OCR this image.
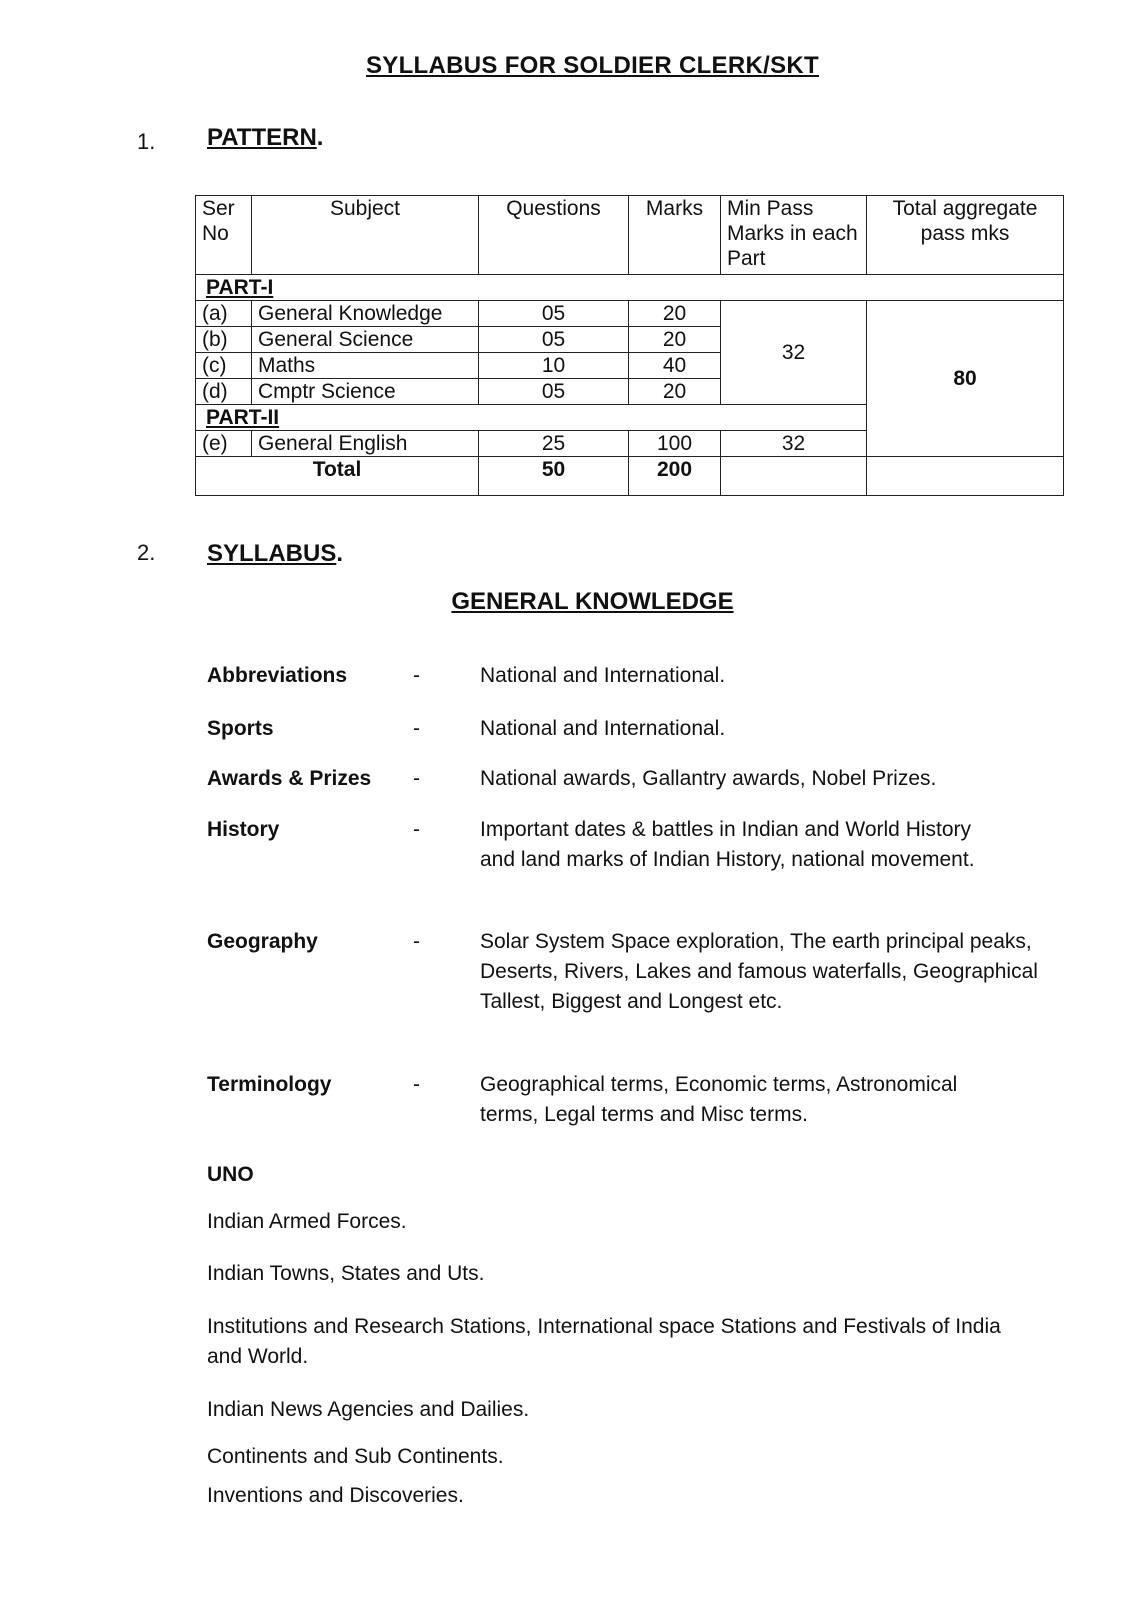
SYLLABUS FOR SOLDIER CLERK/SKT
1. PATTERN.
Ser No	Subject	Questions	Marks	Min Pass Marks in each Part	Total aggregate pass mks
PART-I					
(a)	General Knowledge	05	20	32	80
(b)	General Science	05	20		
(c)	Maths	10	40		
(d)	Cmptr Science	05	20		
PART-II					
(e)	General English	25	100	32	
Total		50	200		
2. SYLLABUS.
GENERAL KNOWLEDGE
Abbreviations	-	National and International.
Sports	-	National and International.
Awards & Prizes -	National awards, Gallantry awards, Nobel Prizes.
History	-	Important dates & battles in Indian and World History and land marks of Indian History, national movement.
Geography	-	Solar System Space exploration, The earth principal peaks, Deserts, Rivers, Lakes and famous waterfalls, Geographical Tallest, Biggest and Longest etc.
Terminology	-	Geographical terms, Economic terms, Astronomical terms, Legal terms and Misc terms.
UNO
Indian Armed Forces.
Indian Towns, States and Uts.
Institutions and Research Stations, International space Stations and Festivals of India and World.
Indian News Agencies and Dailies.
Continents and Sub Continents.
Inventions and Discoveries.
